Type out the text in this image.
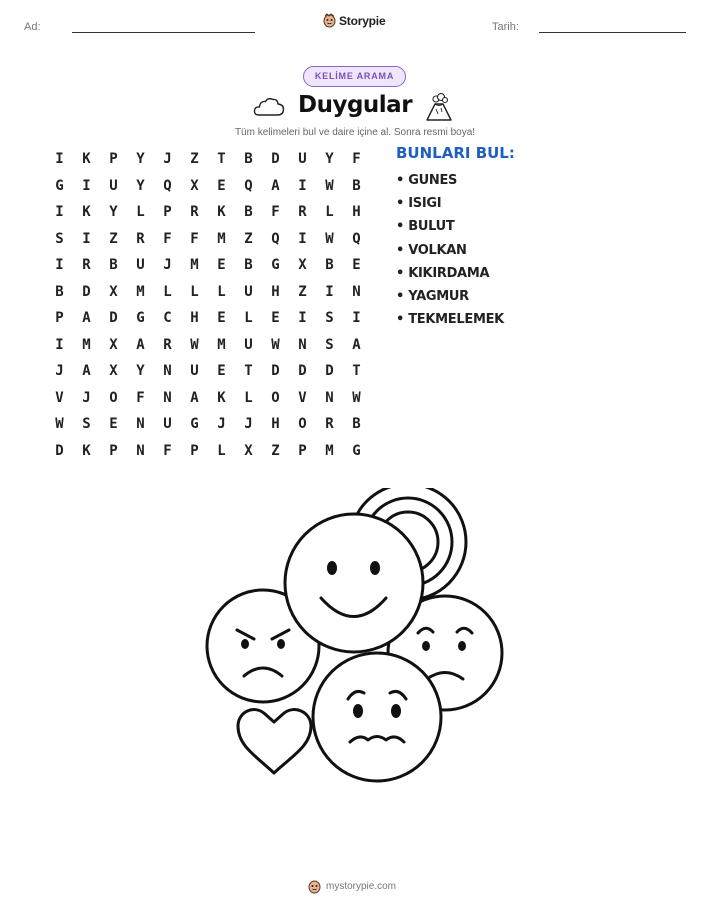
Ad:	Storypie	Tarih:
KELİME ARAMA
Duygular
Tüm kelimeleri bul ve daire içine al. Sonra resmi boya!
I	K	P	Y	J	Z	T	B	D	U	Y	F
G	I	U	Y	Q	X	E	Q	A	I	W	B
I	K	Y	L	P	R	K	B	F	R	L	H
S	I	Z	R	F	F	M	Z	Q	I	W	Q
I	R	B	U	J	M	E	B	G	X	B	E
B	D	X	M	L	L	L	U	H	Z	I	N
P	A	D	G	C	H	E	L	E	I	S	I
I	M	X	A	R	W	M	U	W	N	S	A
J	A	X	Y	N	U	E	T	D	D	D	T
V	J	O	F	N	A	K	L	O	V	N	W
W	S	E	N	U	G	J	J	H	O	R	B
D	K	P	N	F	P	L	X	Z	P	M	G
BUNLARI BUL:
• GUNES
• ISIGI
• BULUT
• VOLKAN
• KIKIRDAMA
• YAGMUR
• TEKMELEMEK
mystorypie.com
